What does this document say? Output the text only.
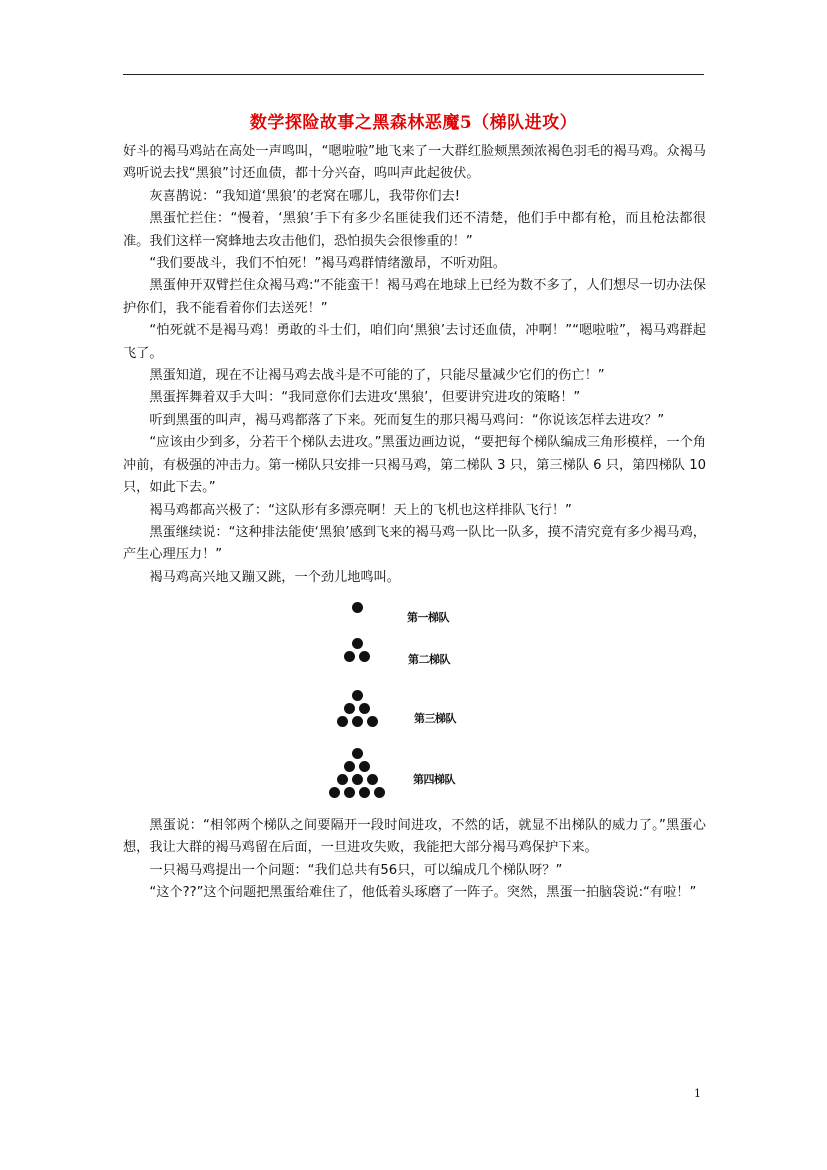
数学探险故事之黑森林恶魔5（梯队进攻）

好斗的褐马鸡站在高处一声鸣叫，“嗯啦啦”地飞来了一大群红脸颊黑颈浓褐色羽毛的褐马鸡。众褐马鸡听说去找“黑狼”讨还血债，都十分兴奋，呜叫声此起彼伏。

灰喜鹊说：“我知道‘黑狼’的老窝在哪儿，我带你们去!

黑蛋忙拦住：“慢着，‘黑狼’手下有多少名匪徒我们还不清楚，他们手中都有枪，而且枪法都很准。我们这样一窝蜂地去攻击他们，恐怕损失会很惨重的！”

“我们要战斗，我们不怕死！”褐马鸡群情绪激昂，不听劝阻。

黑蛋伸开双臂拦住众褐马鸡:“不能蛮干！褐马鸡在地球上已经为数不多了，人们想尽一切办法保护你们，我不能看着你们去送死！”

“怕死就不是褐马鸡！勇敢的斗士们，咱们向‘黑狼’去讨还血债，冲啊！”“嗯啦啦”，褐马鸡群起飞了。

黑蛋知道，现在不让褐马鸡去战斗是不可能的了，只能尽量减少它们的伤亡！”

黑蛋挥舞着双手大叫：“我同意你们去进攻‘黑狼’，但要讲究进攻的策略！”

听到黑蛋的叫声，褐马鸡都落了下来。死而复生的那只褐马鸡问：“你说该怎样去进攻？”

“应该由少到多，分若干个梯队去进攻。”黑蛋边画边说，“要把每个梯队编成三角形模样，一个角冲前，有极强的冲击力。第一梯队只安排一只褐马鸡，第二梯队 3 只，第三梯队 6 只，第四梯队 10 只，如此下去。”

褐马鸡都高兴极了：“这队形有多漂亮啊！天上的飞机也这样排队飞行！”

黑蛋继续说：“这种排法能使‘黑狼’感到飞来的褐马鸡一队比一队多，摸不清究竟有多少褐马鸡，产生心理压力！”

褐马鸡高兴地又蹦又跳，一个劲儿地鸣叫。

第一梯队
第二梯队
第三梯队
第四梯队

黑蛋说：“相邻两个梯队之间要隔开一段时间进攻，不然的话，就显不出梯队的威力了。”黑蛋心想，我让大群的褐马鸡留在后面，一旦进攻失败，我能把大部分褐马鸡保护下来。

一只褐马鸡提出一个问题：“我们总共有56只，可以编成几个梯队呀？”

“这个??”这个问题把黑蛋给难住了，他低着头琢磨了一阵子。突然，黑蛋一拍脑袋说:“有啦！”

1
